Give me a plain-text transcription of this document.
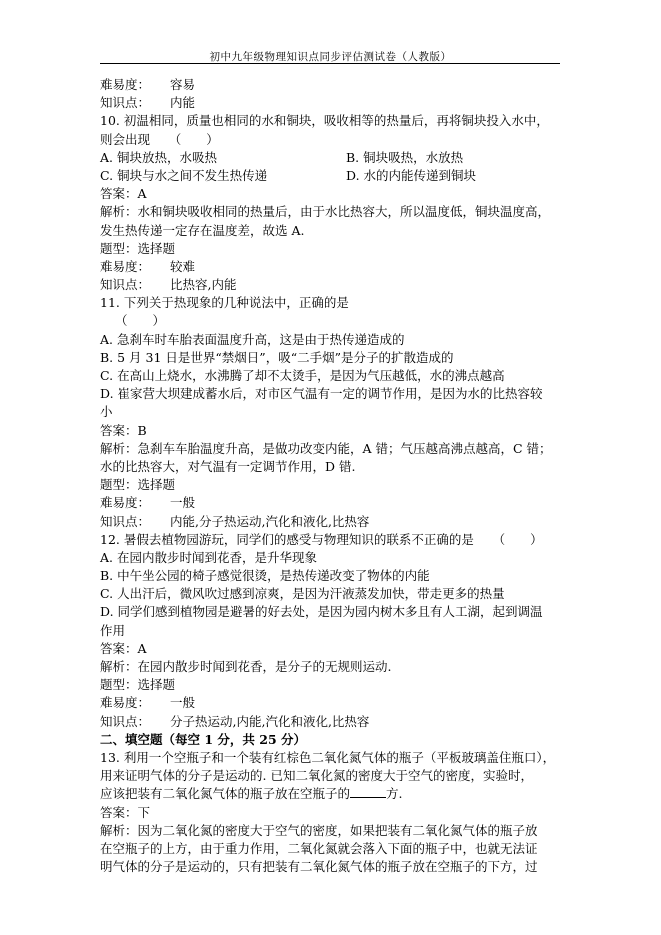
初中九年级物理知识点同步评估测试卷（人教版）
难易度： 容易
知识点： 内能
10. 初温相同，质量也相同的水和铜块，吸收相等的热量后，再将铜块投入水中，
则会出现　　（　　）
A. 铜块放热，水吸热	B. 铜块吸热，水放热
C. 铜块与水之间不发生热传递	D. 水的内能传递到铜块
答案：A
解析：水和铜块吸收相同的热量后，由于水比热容大，所以温度低，铜块温度高，
发生热传递一定存在温度差，故选 A.
题型：选择题
难易度： 较难
知识点： 比热容,内能
11. 下列关于热现象的几种说法中，正确的是
（　　）
A. 急刹车时车胎表面温度升高，这是由于热传递造成的
B. 5 月 31 日是世界“禁烟日”，吸“二手烟”是分子的扩散造成的
C. 在高山上烧水，水沸腾了却不太烫手，是因为气压越低，水的沸点越高
D. 崔家营大坝建成蓄水后，对市区气温有一定的调节作用，是因为水的比热容较
小
答案：B
解析：急刹车车胎温度升高，是做功改变内能，A 错；气压越高沸点越高，C 错；
水的比热容大，对气温有一定调节作用，D 错.
题型：选择题
难易度： 一般
知识点： 内能,分子热运动,汽化和液化,比热容
12. 暑假去植物园游玩，同学们的感受与物理知识的联系不正确的是　　（　　）
A. 在园内散步时闻到花香，是升华现象
B. 中午坐公园的椅子感觉很烫，是热传递改变了物体的内能
C. 人出汗后，微风吹过感到凉爽，是因为汗液蒸发加快，带走更多的热量
D. 同学们感到植物园是避暑的好去处，是因为园内树木多且有人工湖，起到调温
作用
答案：A
解析：在园内散步时闻到花香，是分子的无规则运动.
题型：选择题
难易度： 一般
知识点： 分子热运动,内能,汽化和液化,比热容
二、填空题（每空 1 分，共 25 分）
13. 利用一个空瓶子和一个装有红棕色二氧化氮气体的瓶子（平板玻璃盖住瓶口），
用来证明气体的分子是运动的. 已知二氧化氮的密度大于空气的密度，实验时，
应该把装有二氧化氮气体的瓶子放在空瓶子的	方.
答案：下
解析：因为二氧化氮的密度大于空气的密度，如果把装有二氧化氮气体的瓶子放
在空瓶子的上方，由于重力作用，二氧化氮就会落入下面的瓶子中，也就无法证
明气体的分子是运动的，只有把装有二氧化氮气体的瓶子放在空瓶子的下方，过
